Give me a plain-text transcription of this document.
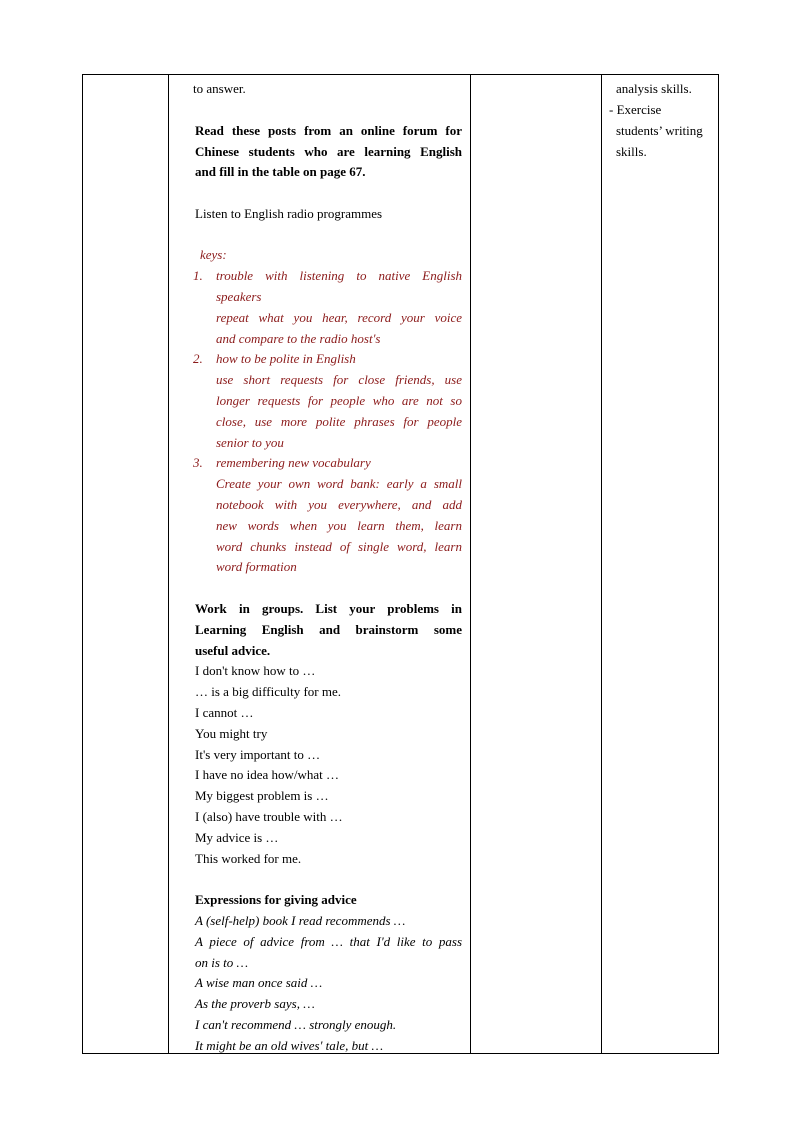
to answer.
Read these posts from an online forum for
Chinese students who are learning English
and fill in the table on page 67.
Listen to English radio programmes
keys:
1. trouble with listening to native English
speakers
repeat what you hear, record your voice
and compare to the radio host's
2. how to be polite in English
use short requests for close friends, use
longer requests for people who are not so
close, use more polite phrases for people
senior to you
3. remembering new vocabulary
Create your own word bank: early a small
notebook with you everywhere, and add
new words when you learn them, learn
word chunks instead of single word, learn
word formation
Work in groups. List your problems in
Learning English and brainstorm some
useful advice.
I don't know how to …
… is a big difficulty for me.
I cannot …
You might try
It's very important to …
I have no idea how/what …
My biggest problem is …
I (also) have trouble with …
My advice is …
This worked for me.
Expressions for giving advice
A (self-help) book I read recommends …
A piece of advice from … that I'd like to pass
on is to …
A wise man once said …
As the proverb says, …
I can't recommend … strongly enough.
It might be an old wives' tale, but …
analysis skills.
- Exercise
students’ writing
skills.
